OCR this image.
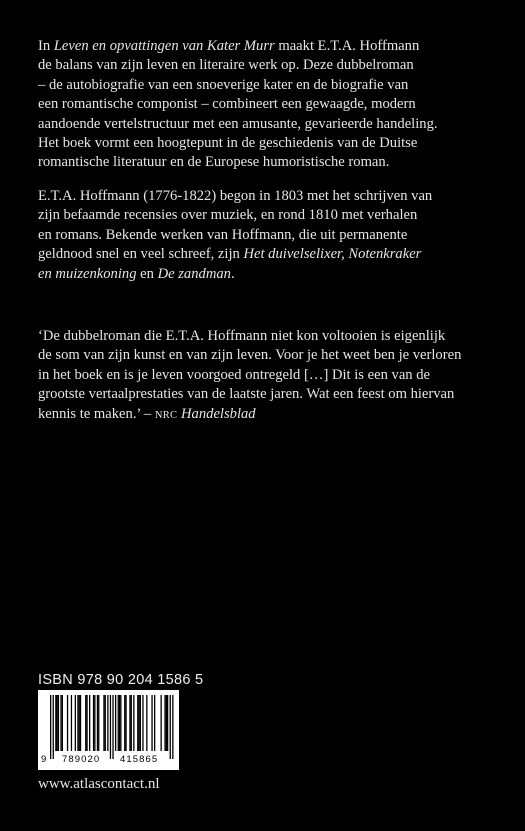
In Leven en opvattingen van Kater Murr maakt E.T.A. Hoffmann

de balans van zijn leven en literaire werk op. Deze dubbelroman

– de autobiografie van een snoeverige kater en de biografie van

een romantische componist – combineert een gewaagde, modern

aandoende vertelstructuur met een amusante, gevarieerde handeling.

Het boek vormt een hoogtepunt in de geschiedenis van de Duitse

romantische literatuur en de Europese humoristische roman.

E.T.A. Hoffmann (1776-1822) begon in 1803 met het schrijven van

zijn befaamde recensies over muziek, en rond 1810 met verhalen

en romans. Bekende werken van Hoffmann, die uit permanente

geldnood snel en veel schreef, zijn Het duivelselixer, Notenkraker

en muizenkoning en De zandman.

‘De dubbelroman die E.T.A. Hoffmann niet kon voltooien is eigenlijk

de som van zijn kunst en van zijn leven. Voor je het weet ben je verloren

in het boek en is je leven voorgoed ontregeld […] Dit is een van de

grootste vertaalprestaties van de laatste jaren. Wat een feest om hiervan

kennis te maken.’ – NRC Handelsblad

ISBN 978 90 204 1586 5
9 789020 415865
www.atlascontact.nl
